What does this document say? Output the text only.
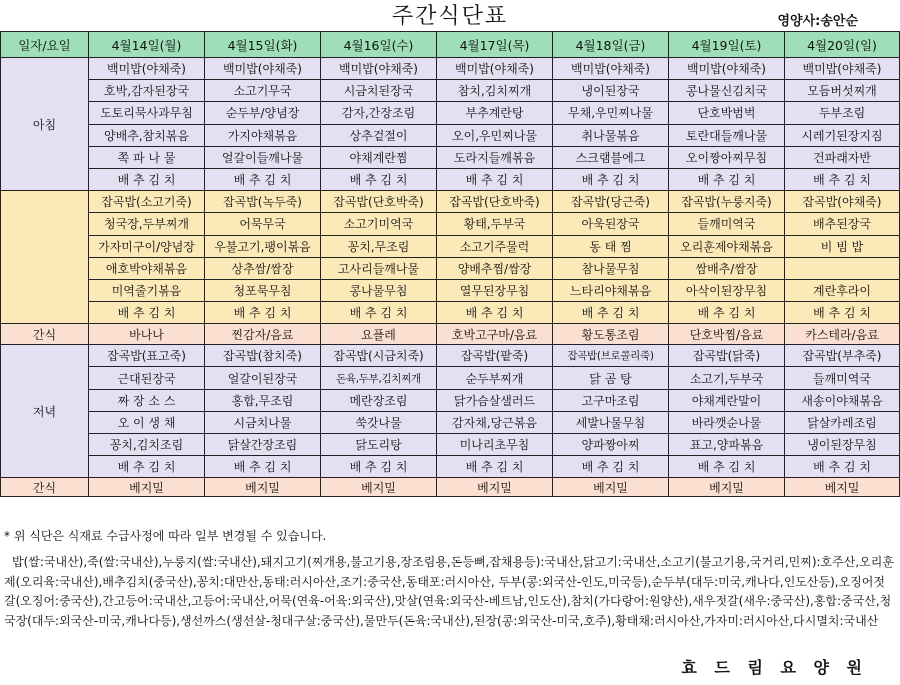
주간식단표	영양사:송안순
일자/요일	4월14일(월)	4월15일(화)	4월16일(수)	4월17일(목)	4월18일(금)	4월19일(토)	4월20일(일)
아침	백미밥(야채죽)	백미밥(야채죽)	백미밥(야채죽)	백미밥(야채죽)	백미밥(야채죽)	백미밥(야채죽)	백미밥(야채죽)
	호박,감자된장국	소고기무국	시금치된장국	참치,김치찌개	냉이된장국	콩나물신김치국	모듬버섯찌개
	도토리묵사과무침	순두부/양념장	감자,간장조림	부추계란탕	무채,우민찌나물	단호박범벅	두부조림
	양배추,참치볶음	가지야채볶음	상추겉절이	오이,우민찌나물	취나물볶음	토란대들깨나물	시레기된장지짐
	쪽 파 나 물	얼갈이들깨나물	야채계란찜	도라지들깨볶음	스크램블에그	오이짱아찌무침	건파래자반
	배 추 김 치	배 추 김 치	배 추 김 치	배 추 김 치	배 추 김 치	배 추 김 치	배 추 김 치
	잡곡밥(소고기죽)	잡곡밥(녹두죽)	잡곡밥(단호박죽)	잡곡밥(단호박죽)	잡곡밥(당근죽)	잡곡밥(누룽지죽)	잡곡밥(야채죽)
	청국장,두부찌개	어묵무국	소고기미역국	황태,두부국	아욱된장국	들깨미역국	배추된장국
	가자미구이/양념장	우불고기,팽이볶음	꽁치,무조림	소고기주물럭	동 태 찜	오리훈제야채볶음	비 빔 밥
	애호박야채볶음	상추쌈/쌈장	고사리들깨나물	양배추찜/쌈장	참나물무침	쌈배추/쌈장	
	미역줄기볶음	청포묵무침	콩나물무침	열무된장무침	느타리야채볶음	아삭이된장무침	계란후라이
	배 추 김 치	배 추 김 치	배 추 김 치	배 추 김 치	배 추 김 치	배 추 김 치	배 추 김 치
간식	바나나	찐감자/음료	요플레	호박고구마/음료	황도통조림	단호박찜/음료	카스테라/음료
저녁	잡곡밥(표고죽)	잡곡밥(참치죽)	잡곡밥(시금치죽)	잡곡밥(팥죽)	잡곡밥(브로콜리죽)	잡곡밥(닭죽)	잡곡밥(부추죽)
	근대된장국	얼갈이된장국	돈육,두부,김치찌개	순두부찌개	닭 곰 탕	소고기,두부국	들깨미역국
	짜 장 소 스	홍합,무조림	메란장조림	닭가슴살샐러드	고구마조림	야채계란말이	새송이야채볶음
	오 이 생 채	시금치나물	쑥갓나물	감자채,당근볶음	세발나물무침	바라깻순나물	닭살카레조림
	꽁치,김치조림	닭살간장조림	닭도리탕	미나리초무침	양파짱아찌	표고,양파볶음	냉이된장무침
	배 추 김 치	배 추 김 치	배 추 김 치	배 추 김 치	배 추 김 치	배 추 김 치	배 추 김 치
간식	베지밀	베지밀	베지밀	베지밀	베지밀	베지밀	베지밀
* 위 식단은 식재료 수급사정에 따라 일부 변경될 수 있습니다.
밥(쌀:국내산),죽(쌀:국내산),누룽지(쌀:국내산),돼지고기(찌개용,불고기용,장조림용,돈등뼈,잡채용등):국내산,닭고기:국내산,소고기(불고기용,국거리,민찌):호주산,오리훈제(오리육:국내산),배추김치(중국산),꽁치:대만산,동태:러시아산,조기:중국산,동태포:러시아산, 두부(콩:외국산-인도,미국등),순두부(대두:미국,캐나다,인도산등),오징어젓갈(오징어:중국산),간고등어:국내산,고등어:국내산,어묵(연육-어육:외국산),맛살(연육:외국산-베트남,인도산),참치(가다랑어:원양산),새우젓갈(새우:중국산),홍합:중국산,청국장(대두:외국산-미국,캐나다등),생선까스(생선살-청대구살:중국산),물만두(돈육:국내산),된장(콩:외국산-미국,호주),황태채:러시아산,가자미:러시아산,다시멸치:국내산
효 드 림 요 양 원
